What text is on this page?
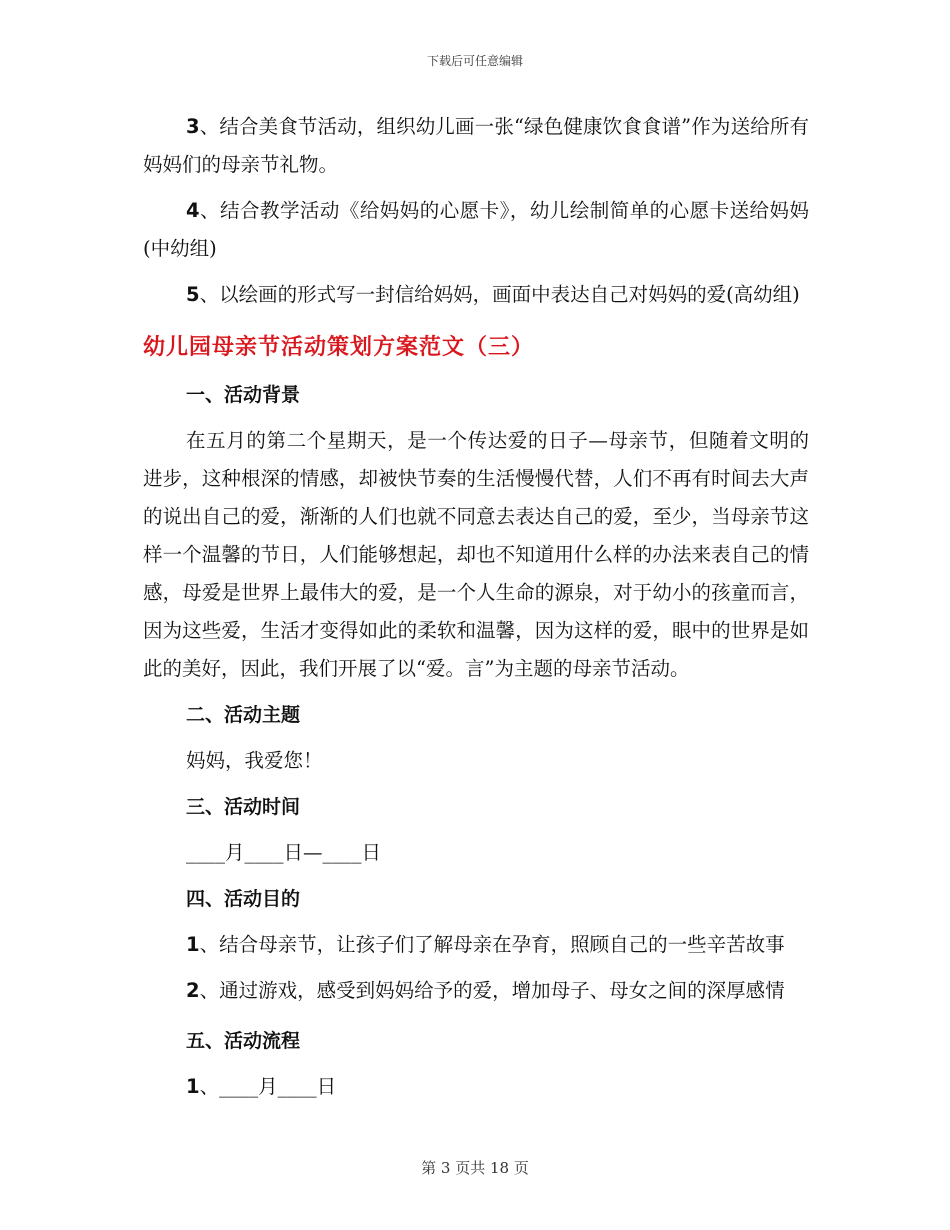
下载后可任意编辑

3、结合美食节活动，组织幼儿画一张“绿色健康饮食食谱”作为送给所有妈妈们的母亲节礼物。

4、结合教学活动《给妈妈的心愿卡》，幼儿绘制简单的心愿卡送给妈妈(中幼组)

5、以绘画的形式写一封信给妈妈，画面中表达自己对妈妈的爱(高幼组)

幼儿园母亲节活动策划方案范文（三）

一、活动背景

在五月的第二个星期天，是一个传达爱的日子—母亲节，但随着文明的进步，这种根深的情感，却被快节奏的生活慢慢代替，人们不再有时间去大声的说出自己的爱，渐渐的人们也就不同意去表达自己的爱，至少，当母亲节这样一个温馨的节日，人们能够想起，却也不知道用什么样的办法来表自己的情感，母爱是世界上最伟大的爱，是一个人生命的源泉，对于幼小的孩童而言，因为这些爱，生活才变得如此的柔软和温馨，因为这样的爱，眼中的世界是如此的美好，因此，我们开展了以“爱。言”为主题的母亲节活动。

二、活动主题

妈妈，我爱您！

三、活动时间

____月____日—____日

四、活动目的

1、结合母亲节，让孩子们了解母亲在孕育，照顾自己的一些辛苦故事

2、通过游戏，感受到妈妈给予的爱，增加母子、母女之间的深厚感情

五、活动流程

1、____月____日

第 3 页共 18 页
